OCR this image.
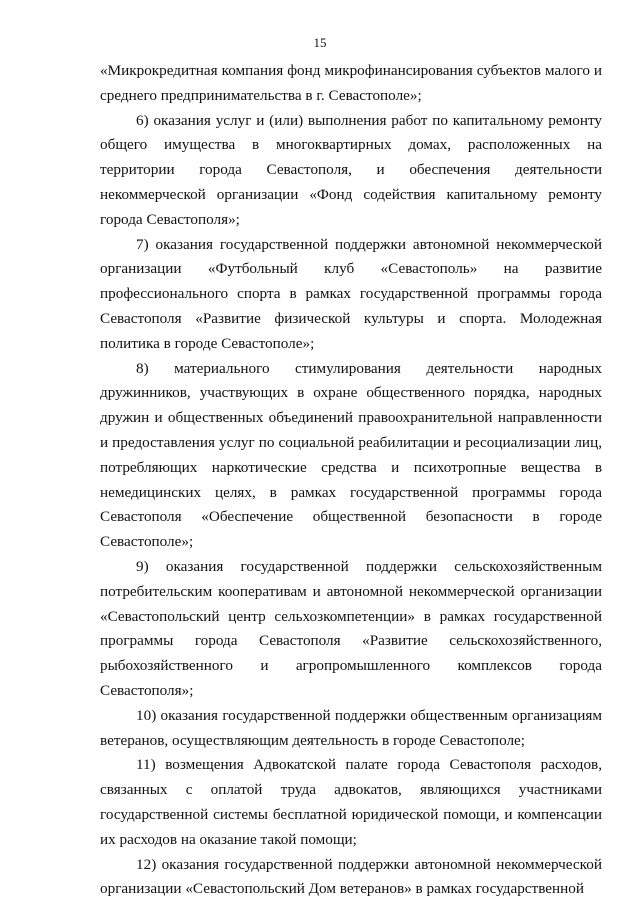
15

«Микрокредитная компания фонд микрофинансирования субъектов малого и среднего предпринимательства в г. Севастополе»;

6) оказания услуг и (или) выполнения работ по капитальному ремонту общего имущества в многоквартирных домах, расположенных на территории города Севастополя, и обеспечения деятельности некоммерческой организации «Фонд содействия капитальному ремонту города Севастополя»;

7) оказания государственной поддержки автономной некоммерческой организации «Футбольный клуб «Севастополь» на развитие профессионального спорта в рамках государственной программы города Севастополя «Развитие физической культуры и спорта. Молодежная политика в городе Севастополе»;

8) материального стимулирования деятельности народных дружинников, участвующих в охране общественного порядка, народных дружин и общественных объединений правоохранительной направленности и предоставления услуг по социальной реабилитации и ресоциализации лиц, потребляющих наркотические средства и психотропные вещества в немедицинских целях, в рамках государственной программы города Севастополя «Обеспечение общественной безопасности в городе Севастополе»;

9) оказания государственной поддержки сельскохозяйственным потребительским кооперативам и автономной некоммерческой организации «Севастопольский центр сельхозкомпетенции» в рамках государственной программы города Севастополя «Развитие сельскохозяйственного, рыбохозяйственного и агропромышленного комплексов города Севастополя»;

10) оказания государственной поддержки общественным организациям ветеранов, осуществляющим деятельность в городе Севастополе;

11) возмещения Адвокатской палате города Севастополя расходов, связанных с оплатой труда адвокатов, являющихся участниками государственной системы бесплатной юридической помощи, и компенсации их расходов на оказание такой помощи;

12) оказания государственной поддержки автономной некоммерческой организации «Севастопольский Дом ветеранов» в рамках государственной
